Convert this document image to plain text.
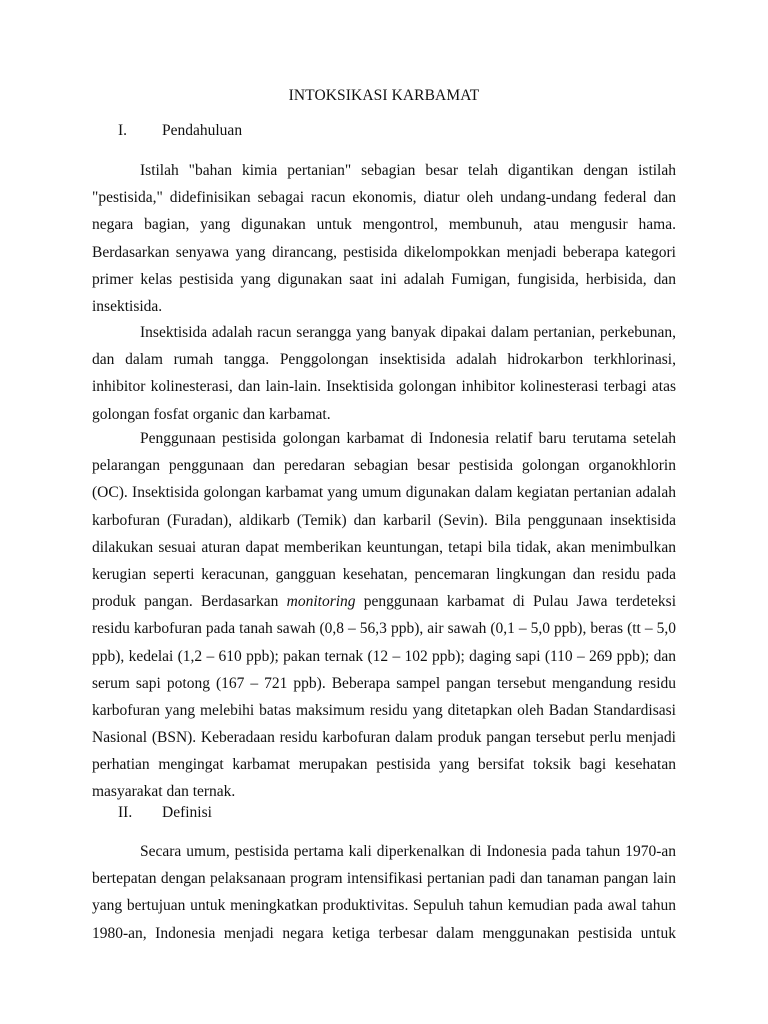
INTOKSIKASI KARBAMAT
I. Pendahuluan
Istilah "bahan kimia pertanian" sebagian besar telah digantikan dengan istilah
"pestisida," didefinisikan sebagai racun ekonomis, diatur oleh undang-undang federal dan
negara bagian, yang digunakan untuk mengontrol, membunuh, atau mengusir hama.
Berdasarkan senyawa yang dirancang, pestisida dikelompokkan menjadi beberapa kategori
primer kelas pestisida yang digunakan saat ini adalah Fumigan, fungisida, herbisida, dan
insektisida.
Insektisida adalah racun serangga yang banyak dipakai dalam pertanian, perkebunan,
dan dalam rumah tangga. Penggolongan insektisida adalah hidrokarbon terkhlorinasi,
inhibitor kolinesterasi, dan lain-lain. Insektisida golongan inhibitor kolinesterasi terbagi atas
golongan fosfat organic dan karbamat.
Penggunaan pestisida golongan karbamat di Indonesia relatif baru terutama setelah
pelarangan penggunaan dan peredaran sebagian besar pestisida golongan organokhlorin
(OC). Insektisida golongan karbamat yang umum digunakan dalam kegiatan pertanian adalah
karbofuran (Furadan), aldikarb (Temik) dan karbaril (Sevin). Bila penggunaan insektisida
dilakukan sesuai aturan dapat memberikan keuntungan, tetapi bila tidak, akan menimbulkan
kerugian seperti keracunan, gangguan kesehatan, pencemaran lingkungan dan residu pada
produk pangan. Berdasarkan monitoring penggunaan karbamat di Pulau Jawa terdeteksi
residu karbofuran pada tanah sawah (0,8 – 56,3 ppb), air sawah (0,1 – 5,0 ppb), beras (tt – 5,0
ppb), kedelai (1,2 – 610 ppb); pakan ternak (12 – 102 ppb); daging sapi (110 – 269 ppb); dan
serum sapi potong (167 – 721 ppb). Beberapa sampel pangan tersebut mengandung residu
karbofuran yang melebihi batas maksimum residu yang ditetapkan oleh Badan Standardisasi
Nasional (BSN). Keberadaan residu karbofuran dalam produk pangan tersebut perlu menjadi
perhatian mengingat karbamat merupakan pestisida yang bersifat toksik bagi kesehatan
masyarakat dan ternak.
II. Definisi
Secara umum, pestisida pertama kali diperkenalkan di Indonesia pada tahun 1970-an
bertepatan dengan pelaksanaan program intensifikasi pertanian padi dan tanaman pangan lain
yang bertujuan untuk meningkatkan produktivitas. Sepuluh tahun kemudian pada awal tahun
1980-an, Indonesia menjadi negara ketiga terbesar dalam menggunakan pestisida untuk
